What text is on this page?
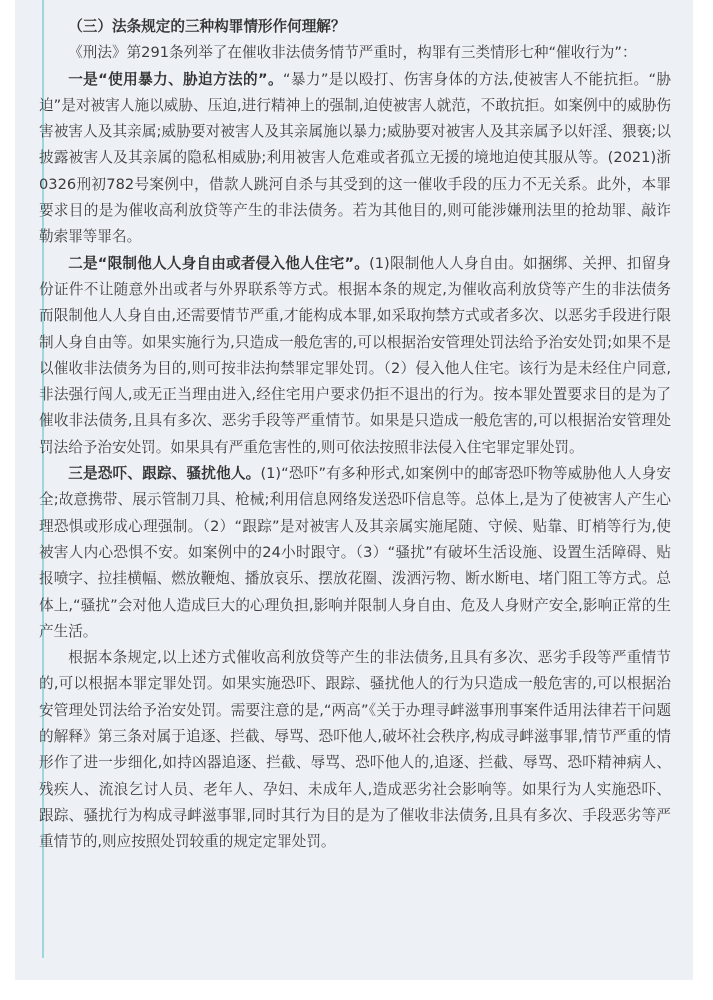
（三）法条规定的三种构罪情形作何理解？

《刑法》第291条列举了在催收非法债务情节严重时，构罪有三类情形七种“催收行为”：

一是“使用暴力、胁迫方法的”。“暴力”是以殴打、伤害身体的方法,使被害人不能抗拒。“胁迫”是对被害人施以威胁、压迫,进行精神上的强制,迫使被害人就范，不敢抗拒。如案例中的威胁伤害被害人及其亲属;威胁要对被害人及其亲属施以暴力;威胁要对被害人及其亲属予以奸淫、猥亵;以披露被害人及其亲属的隐私相威胁;利用被害人危难或者孤立无援的境地迫使其服从等。(2021)浙0326刑初782号案例中，借款人跳河自杀与其受到的这一催收手段的压力不无关系。此外，本罪要求目的是为催收高利放贷等产生的非法债务。若为其他目的,则可能涉嫌刑法里的抢劫罪、敲诈勒索罪等罪名。

二是“限制他人人身自由或者侵入他人住宅”。(1)限制他人人身自由。如捆绑、关押、扣留身份证件不让随意外出或者与外界联系等方式。根据本条的规定,为催收高利放贷等产生的非法债务而限制他人人身自由,还需要情节严重,才能构成本罪,如采取拘禁方式或者多次、以恶劣手段进行限制人身自由等。如果实施行为,只造成一般危害的,可以根据治安管理处罚法给予治安处罚;如果不是以催收非法债务为目的,则可按非法拘禁罪定罪处罚。（2）侵入他人住宅。该行为是未经住户同意,非法强行闯人,或无正当理由进入,经住宅用户要求仍拒不退出的行为。按本罪处置要求目的是为了催收非法债务,且具有多次、恶劣手段等严重情节。如果是只造成一般危害的,可以根据治安管理处罚法给予治安处罚。如果具有严重危害性的,则可依法按照非法侵入住宅罪定罪处罚。

三是恐吓、跟踪、骚扰他人。(1)“恐吓”有多种形式,如案例中的邮寄恐吓物等威胁他人人身安全;故意携带、展示管制刀具、枪械;利用信息网络发送恐吓信息等。总体上,是为了使被害人产生心理恐惧或形成心理强制。（2）“跟踪”是对被害人及其亲属实施尾随、守候、贴靠、盯梢等行为,使被害人内心恐惧不安。如案例中的24小时跟守。（3）“骚扰”有破坏生活设施、设置生活障碍、贴报喷字、拉挂横幅、燃放鞭炮、播放哀乐、摆放花圈、泼洒污物、断水断电、堵门阻工等方式。总体上,“骚扰”会对他人造成巨大的心理负担,影响并限制人身自由、危及人身财产安全,影响正常的生产生活。

根据本条规定,以上述方式催收高利放贷等产生的非法债务,且具有多次、恶劣手段等严重情节的,可以根据本罪定罪处罚。如果实施恐吓、跟踪、骚扰他人的行为只造成一般危害的,可以根据治安管理处罚法给予治安处罚。需要注意的是,“两高”《关于办理寻衅滋事刑事案件适用法律若干问题的解释》第三条对属于追逐、拦截、辱骂、恐吓他人,破坏社会秩序,构成寻衅滋事罪,情节严重的情形作了进一步细化,如持凶器追逐、拦截、辱骂、恐吓他人的,追逐、拦截、辱骂、恐吓精神病人、残疾人、流浪乞讨人员、老年人、孕妇、未成年人,造成恶劣社会影响等。如果行为人实施恐吓、跟踪、骚扰行为构成寻衅滋事罪,同时其行为目的是为了催收非法债务,且具有多次、手段恶劣等严重情节的,则应按照处罚较重的规定定罪处罚。
